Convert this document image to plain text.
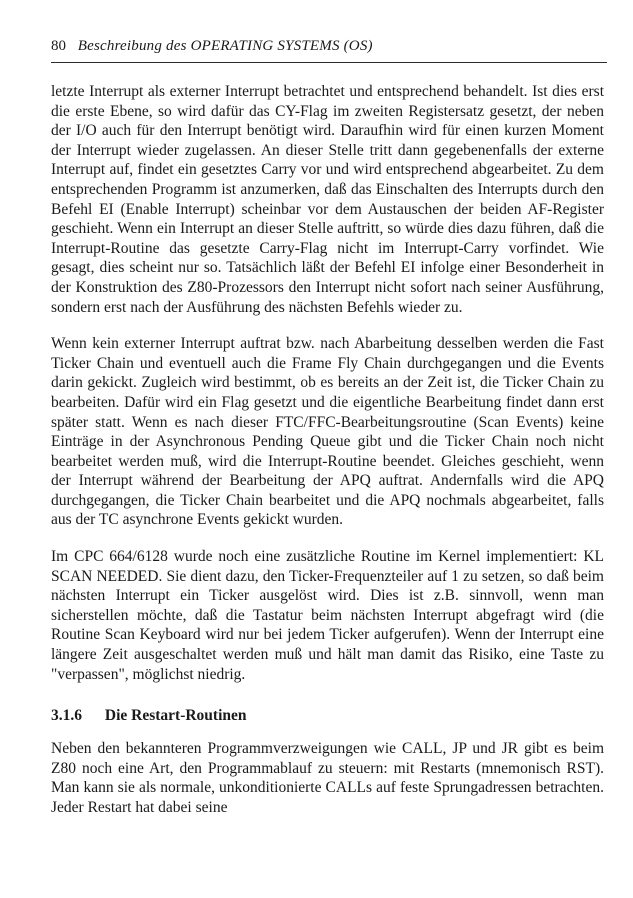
80 Beschreibung des OPERATING SYSTEMS (OS)

letzte Interrupt als externer Interrupt betrachtet und entsprechend behandelt. Ist dies erst die erste Ebene, so wird dafür das CY-Flag im zweiten Registersatz gesetzt, der neben der I/O auch für den Interrupt benötigt wird. Daraufhin wird für einen kurzen Moment der Interrupt wieder zugelassen. An dieser Stelle tritt dann gegebenenfalls der externe Interrupt auf, findet ein gesetztes Carry vor und wird entsprechend abgearbeitet. Zu dem entsprechenden Programm ist anzumerken, daß das Einschalten des Interrupts durch den Befehl EI (Enable Interrupt) scheinbar vor dem Austauschen der beiden AF-Register geschieht. Wenn ein Interrupt an dieser Stelle auftritt, so würde dies dazu führen, daß die Interrupt-Routine das gesetzte Carry-Flag nicht im Interrupt-Carry vorfindet. Wie gesagt, dies scheint nur so. Tatsächlich läßt der Befehl EI infolge einer Besonderheit in der Konstruktion des Z80-Prozessors den Interrupt nicht sofort nach seiner Ausführung, sondern erst nach der Ausführung des nächsten Befehls wieder zu.

Wenn kein externer Interrupt auftrat bzw. nach Abarbeitung desselben werden die Fast Ticker Chain und eventuell auch die Frame Fly Chain durchgegangen und die Events darin gekickt. Zugleich wird bestimmt, ob es bereits an der Zeit ist, die Ticker Chain zu bearbeiten. Dafür wird ein Flag gesetzt und die eigentliche Bearbeitung findet dann erst später statt. Wenn es nach dieser FTC/FFC-Bearbeitungsroutine (Scan Events) keine Einträge in der Asynchronous Pending Queue gibt und die Ticker Chain noch nicht bearbeitet werden muß, wird die Interrupt-Routine beendet. Gleiches geschieht, wenn der Interrupt während der Bearbeitung der APQ auftrat. Andernfalls wird die APQ durchgegangen, die Ticker Chain bearbeitet und die APQ nochmals abgearbeitet, falls aus der TC asynchrone Events gekickt wurden.

Im CPC 664/6128 wurde noch eine zusätzliche Routine im Kernel implementiert: KL SCAN NEEDED. Sie dient dazu, den Ticker-Frequenzteiler auf 1 zu setzen, so daß beim nächsten Interrupt ein Ticker ausgelöst wird. Dies ist z.B. sinnvoll, wenn man sicherstellen möchte, daß die Tastatur beim nächsten Interrupt abgefragt wird (die Routine Scan Keyboard wird nur bei jedem Ticker aufgerufen). Wenn der Interrupt eine längere Zeit ausgeschaltet werden muß und hält man damit das Risiko, eine Taste zu "verpassen", möglichst niedrig.

3.1.6 Die Restart-Routinen

Neben den bekannteren Programmverzweigungen wie CALL, JP und JR gibt es beim Z80 noch eine Art, den Programmablauf zu steuern: mit Restarts (mnemonisch RST). Man kann sie als normale, unkonditionierte CALLs auf feste Sprungadressen betrachten. Jeder Restart hat dabei seine
